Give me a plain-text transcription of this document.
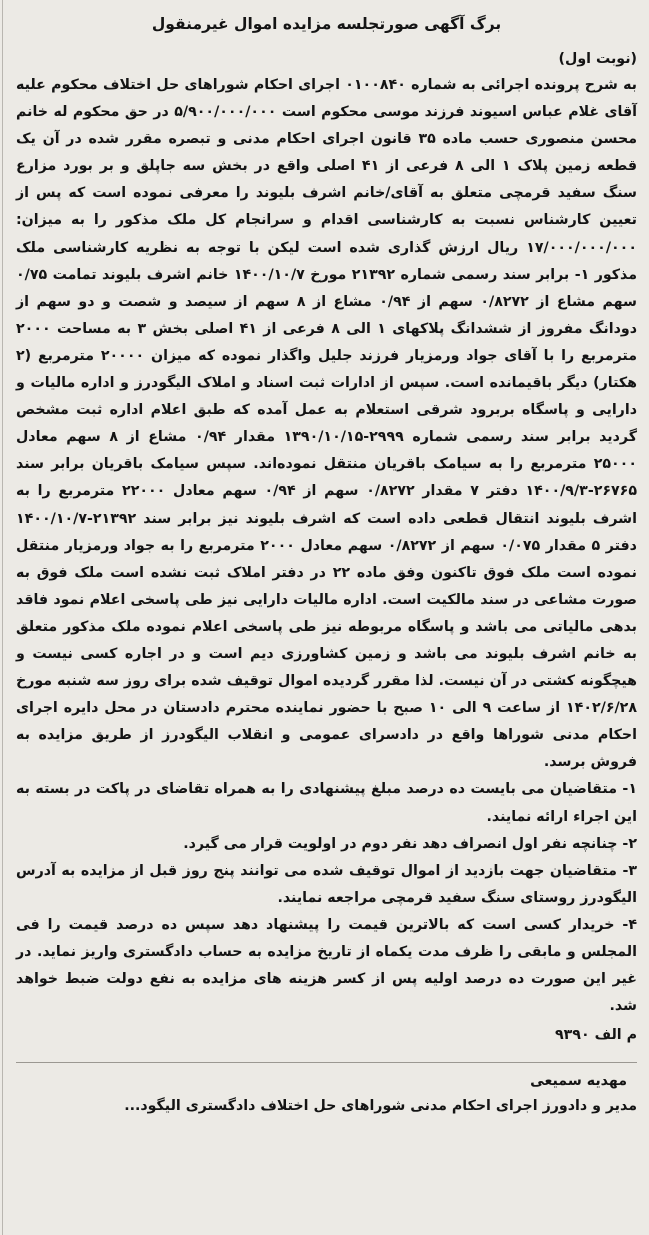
برگ آگهی صورتجلسه مزایده اموال غیرمنقول
(نوبت اول)

به شرح پرونده اجرائی به شماره ۰۱۰۰۸۴۰ اجرای احکام شوراهای حل اختلاف محکوم علیه آقای غلام عباس اسیوند فرزند موسی محکوم است ۵/۹۰۰/۰۰۰/۰۰۰ در حق محکوم له خانم محسن منصوری حسب ماده ۳۵ قانون اجرای احکام مدنی و تبصره مقرر شده در آن یک قطعه زمین پلاک ۱ الی ۸ فرعی از ۴۱ اصلی واقع در بخش سه جاپلق و بر بورد مزارع سنگ سفید قرمچی متعلق به آقای/خانم اشرف بلیوند را معرفی نموده است که پس از تعیین کارشناس نسبت به کارشناسی اقدام و سرانجام کل ملک مذکور را به میزان: ۱۷/۰۰۰/۰۰۰/۰۰۰ ریال ارزش گذاری شده است لیکن با توجه به نظریه کارشناسی ملک مذکور ۱- برابر سند رسمی شماره ۲۱۳۹۲ مورخ ۱۴۰۰/۱۰/۷ خانم اشرف بلیوند تمامت ۰/۷۵ سهم مشاع از ۰/۸۲۷۲ سهم از ۰/۹۴ مشاع از ۸ سهم از سیصد و شصت و دو سهم از دودانگ مفروز از ششدانگ پلاکهای ۱ الی ۸ فرعی از ۴۱ اصلی بخش ۳ به مساحت ۲۰۰۰ مترمربع را با آقای جواد ورمزیار فرزند جلیل واگذار نموده که میزان ۲۰۰۰۰ مترمربع (۲ هکتار) دیگر باقیمانده است. سپس از ادارات ثبت اسناد و املاک الیگودرز و اداره مالیات و دارایی و پاسگاه بربرود شرقی استعلام به عمل آمده که طبق اعلام اداره ثبت مشخص گردید برابر سند رسمی شماره ۲۹۹۹-۱۳۹۰/۱۰/۱۵ مقدار ۰/۹۴ مشاع از ۸ سهم معادل ۲۵۰۰۰ مترمربع را به سیامک باقریان منتقل نموده‌اند. سپس سیامک باقریان برابر سند ۲۶۷۶۵-۱۴۰۰/۹/۳ دفتر ۷ مقدار ۰/۸۲۷۲ سهم از ۰/۹۴ سهم معادل ۲۲۰۰۰ مترمربع را به اشرف بلیوند انتقال قطعی داده است که اشرف بلیوند نیز برابر سند ۲۱۳۹۲-۱۴۰۰/۱۰/۷ دفتر ۵ مقدار ۰/۰۷۵ سهم از ۰/۸۲۷۲ سهم معادل ۲۰۰۰ مترمربع را به جواد ورمزیار منتقل نموده است ملک فوق تاکنون وفق ماده ۲۲ در دفتر املاک ثبت نشده است ملک فوق به صورت مشاعی در سند مالکیت است. اداره مالیات دارایی نیز طی پاسخی اعلام نمود فاقد بدهی مالیاتی می باشد و پاسگاه مربوطه نیز طی پاسخی اعلام نموده ملک مذکور متعلق به خانم اشرف بلیوند می باشد و زمین کشاورزی دیم است و در اجاره کسی نیست و هیچگونه کشتی در آن نیست. لذا مقرر گردیده اموال توقیف شده برای روز سه شنبه مورخ ۱۴۰۲/۶/۲۸ از ساعت ۹ الی ۱۰ صبح با حضور نماینده محترم دادستان در محل دایره اجرای احکام مدنی شوراها واقع در دادسرای عمومی و انقلاب الیگودرز از طریق مزایده به فروش برسد.

۱- متقاضیان می بایست ده درصد مبلغ پیشنهادی را به همراه تقاضای در پاکت در بسته به این اجراء ارائه نمایند.

۲- چنانچه نفر اول انصراف دهد نفر دوم در اولویت قرار می گیرد.

۳- متقاضیان جهت بازدید از اموال توقیف شده می توانند پنج روز قبل از مزایده به آدرس الیگودرز روستای سنگ سفید قرمچی مراجعه نمایند.

۴- خریدار کسی است که بالاترین قیمت را پیشنهاد دهد سپس ده درصد قیمت را فی المجلس و مابقی را ظرف مدت یکماه از تاریخ مزایده به حساب دادگستری واریز نماید. در غیر این صورت ده درصد اولیه پس از کسر هزینه های مزایده به نفع دولت ضبط خواهد شد.

م الف ۹۳۹۰
مهدیه سمیعی
مدیر و دادورز اجرای احکام مدنی شوراهای حل اختلاف دادگستری الیگود...
